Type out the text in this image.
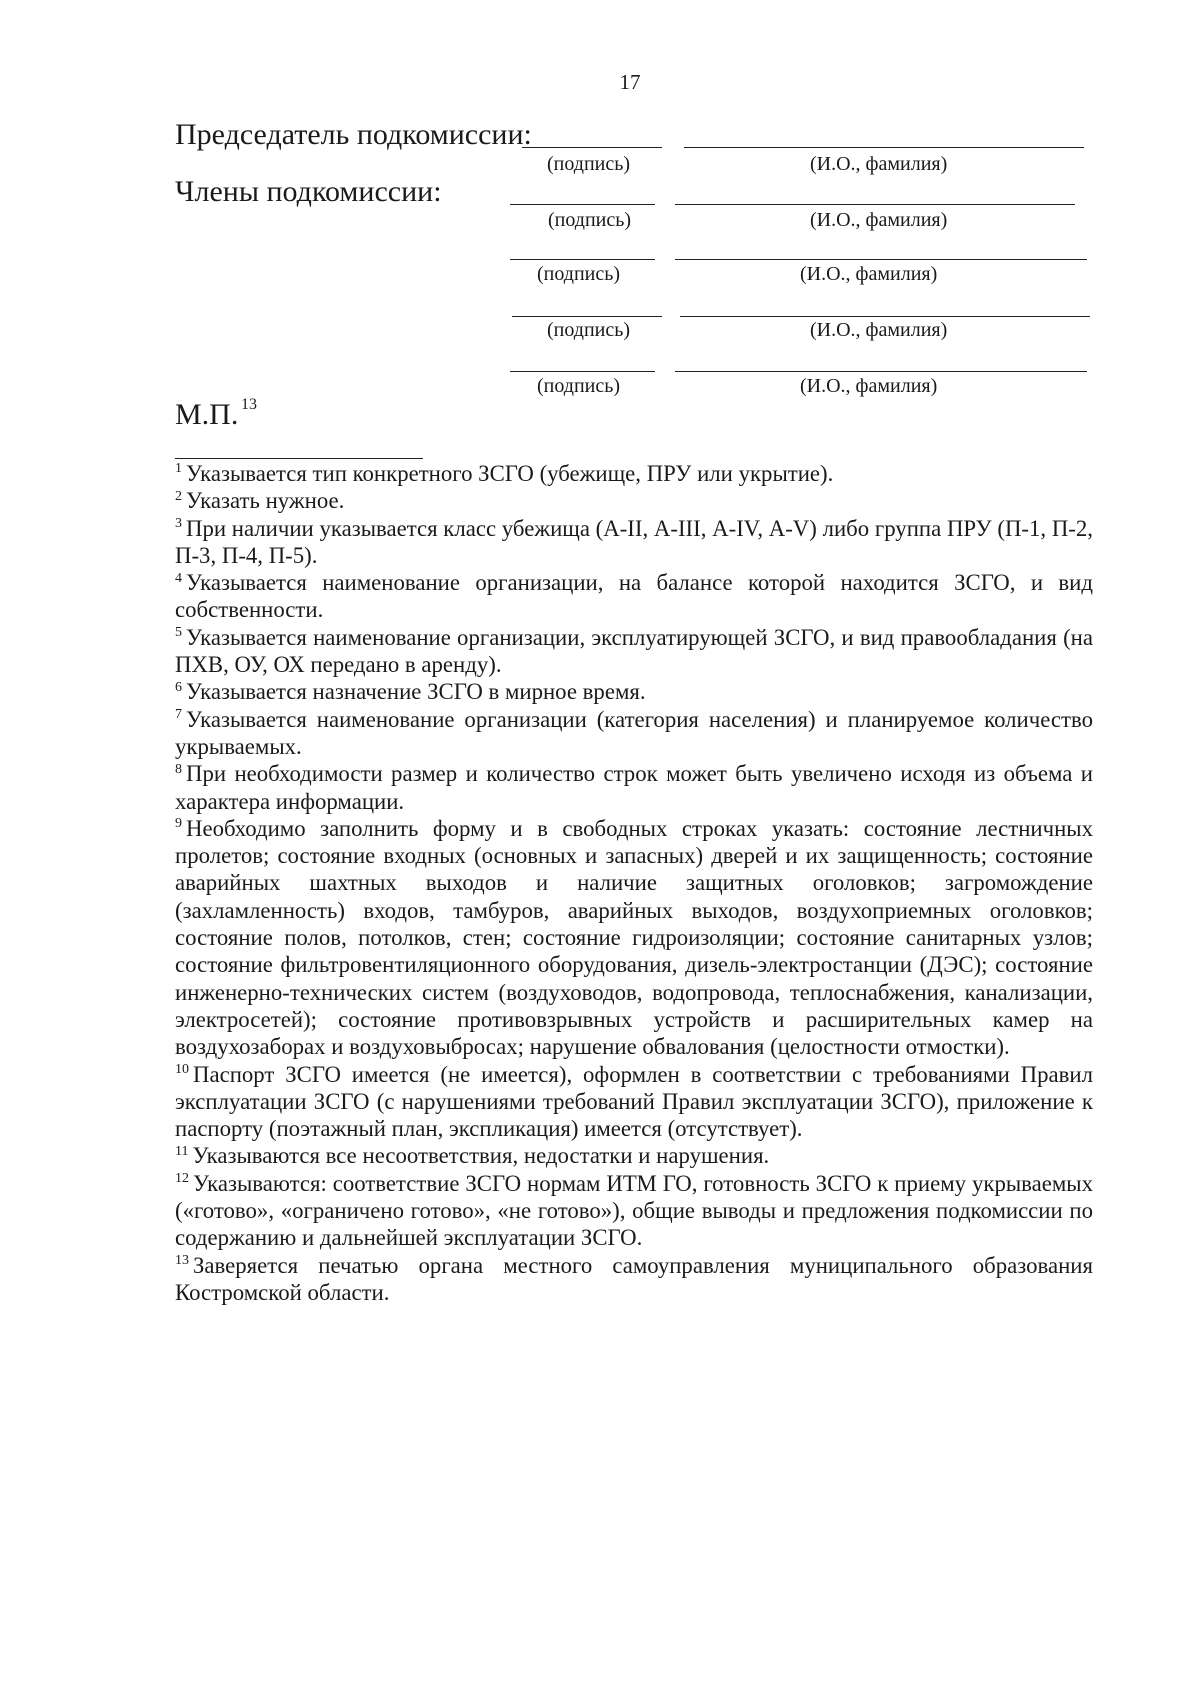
17
Председатель подкомиссии:
Члены подкомиссии:
(подпись)	(И.О., фамилия)
(подпись)	(И.О., фамилия)
(подпись)	(И.О., фамилия)
(подпись)	(И.О., фамилия)
(подпись)	(И.О., фамилия)
М.П. 13

$^1$ Указывается тип конкретного ЗСГО (убежище, ПРУ или укрытие).

$^2$ Указать нужное.

$^3$ При наличии указывается класс убежища (А-II, А-III, А-IV, А-V) либо группа ПРУ (П-1, П-2, П-3, П-4, П-5).

$^4$ Указывается наименование организации, на балансе которой находится ЗСГО, и вид собственности.

$^5$ Указывается наименование организации, эксплуатирующей ЗСГО, и вид правообладания (на ПХВ, ОУ, ОХ передано в аренду).

$^6$ Указывается назначение ЗСГО в мирное время.

$^7$ Указывается наименование организации (категория населения) и планируемое количество укрываемых.

$^8$ При необходимости размер и количество строк может быть увеличено исходя из объема и характера информации.

$^9$ Необходимо заполнить форму и в свободных строках указать: состояние лестничных пролетов; состояние входных (основных и запасных) дверей и их защищенность; состояние аварийных шахтных выходов и наличие защитных оголовков; загромождение (захламленность) входов, тамбуров, аварийных выходов, воздухоприемных оголовков; состояние полов, потолков, стен; состояние гидроизоляции; состояние санитарных узлов; состояние фильтровентиляционного оборудования, дизель-электростанции (ДЭС); состояние инженерно-технических систем (воздуховодов, водопровода, теплоснабжения, канализации, электросетей); состояние противовзрывных устройств и расширительных камер на воздухозаборах и воздуховыбросах; нарушение обвалования (целостности отмостки).

$^{10}$ Паспорт ЗСГО имеется (не имеется), оформлен в соответствии с требованиями Правил эксплуатации ЗСГО (с нарушениями требований Правил эксплуатации ЗСГО), приложение к паспорту (поэтажный план, экспликация) имеется (отсутствует).

$^{11}$ Указываются все несоответствия, недостатки и нарушения.

$^{12}$ Указываются: соответствие ЗСГО нормам ИТМ ГО, готовность ЗСГО к приему укрываемых («готово», «ограничено готово», «не готово»), общие выводы и предложения подкомиссии по содержанию и дальнейшей эксплуатации ЗСГО.

$^{13}$ Заверяется печатью органа местного самоуправления муниципального образования Костромской области.
